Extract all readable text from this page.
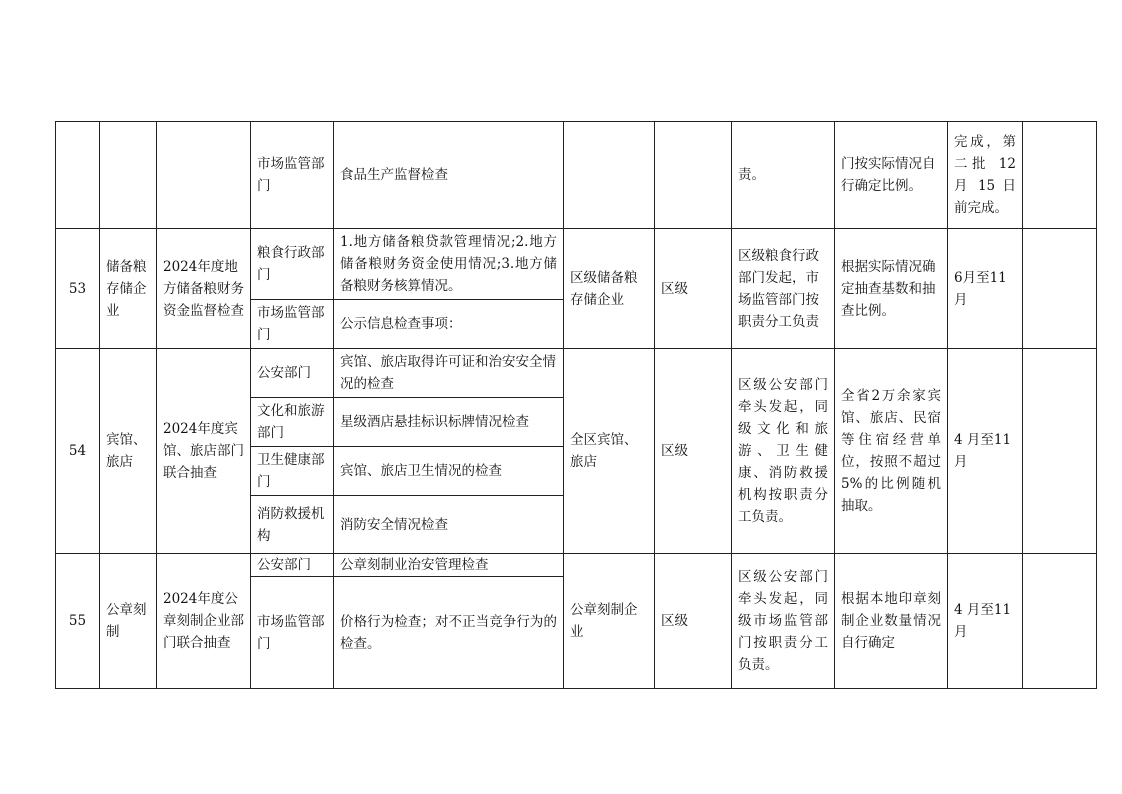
			市场监管部门	食品生产监督检查			责。	门按实际情况自行确定比例。	完成，第二批 12 月 15 日前完成。	
53	储备粮存储企业	2024年度地方储备粮财务资金监督检查	粮食行政部门	1.地方储备粮贷款管理情况;2.地方储备粮财务资金使用情况;3.地方储备粮财务核算情况。	区级储备粮存储企业	区级	区级粮食行政部门发起，市场监管部门按职责分工负责	根据实际情况确定抽查基数和抽查比例。	6月至11月	
			市场监管部门	公示信息检查事项：						
54	宾馆、旅店	2024年度宾馆、旅店部门联合抽查	公安部门	宾馆、旅店取得许可证和治安安全情况的检查	全区宾馆、旅店	区级	区级公安部门牵头发起，同级文化和旅游、卫生健康、消防救援机构按职责分工负责。	全省2万余家宾馆、旅店、民宿等住宿经营单位，按照不超过5%的比例随机抽取。	4 月至11月	
			文化和旅游部门	星级酒店悬挂标识标牌情况检查						
			卫生健康部门	宾馆、旅店卫生情况的检查						
			消防救援机构	消防安全情况检查						
55	公章刻制	2024年度公章刻制企业部门联合抽查	公安部门	公章刻制业治安管理检查	公章刻制企业	区级	区级公安部门牵头发起，同级市场监管部门按职责分工负责。	根据本地印章刻制企业数量情况自行确定	4 月至11月	
			市场监管部门	价格行为检查；对不正当竞争行为的检查。						
